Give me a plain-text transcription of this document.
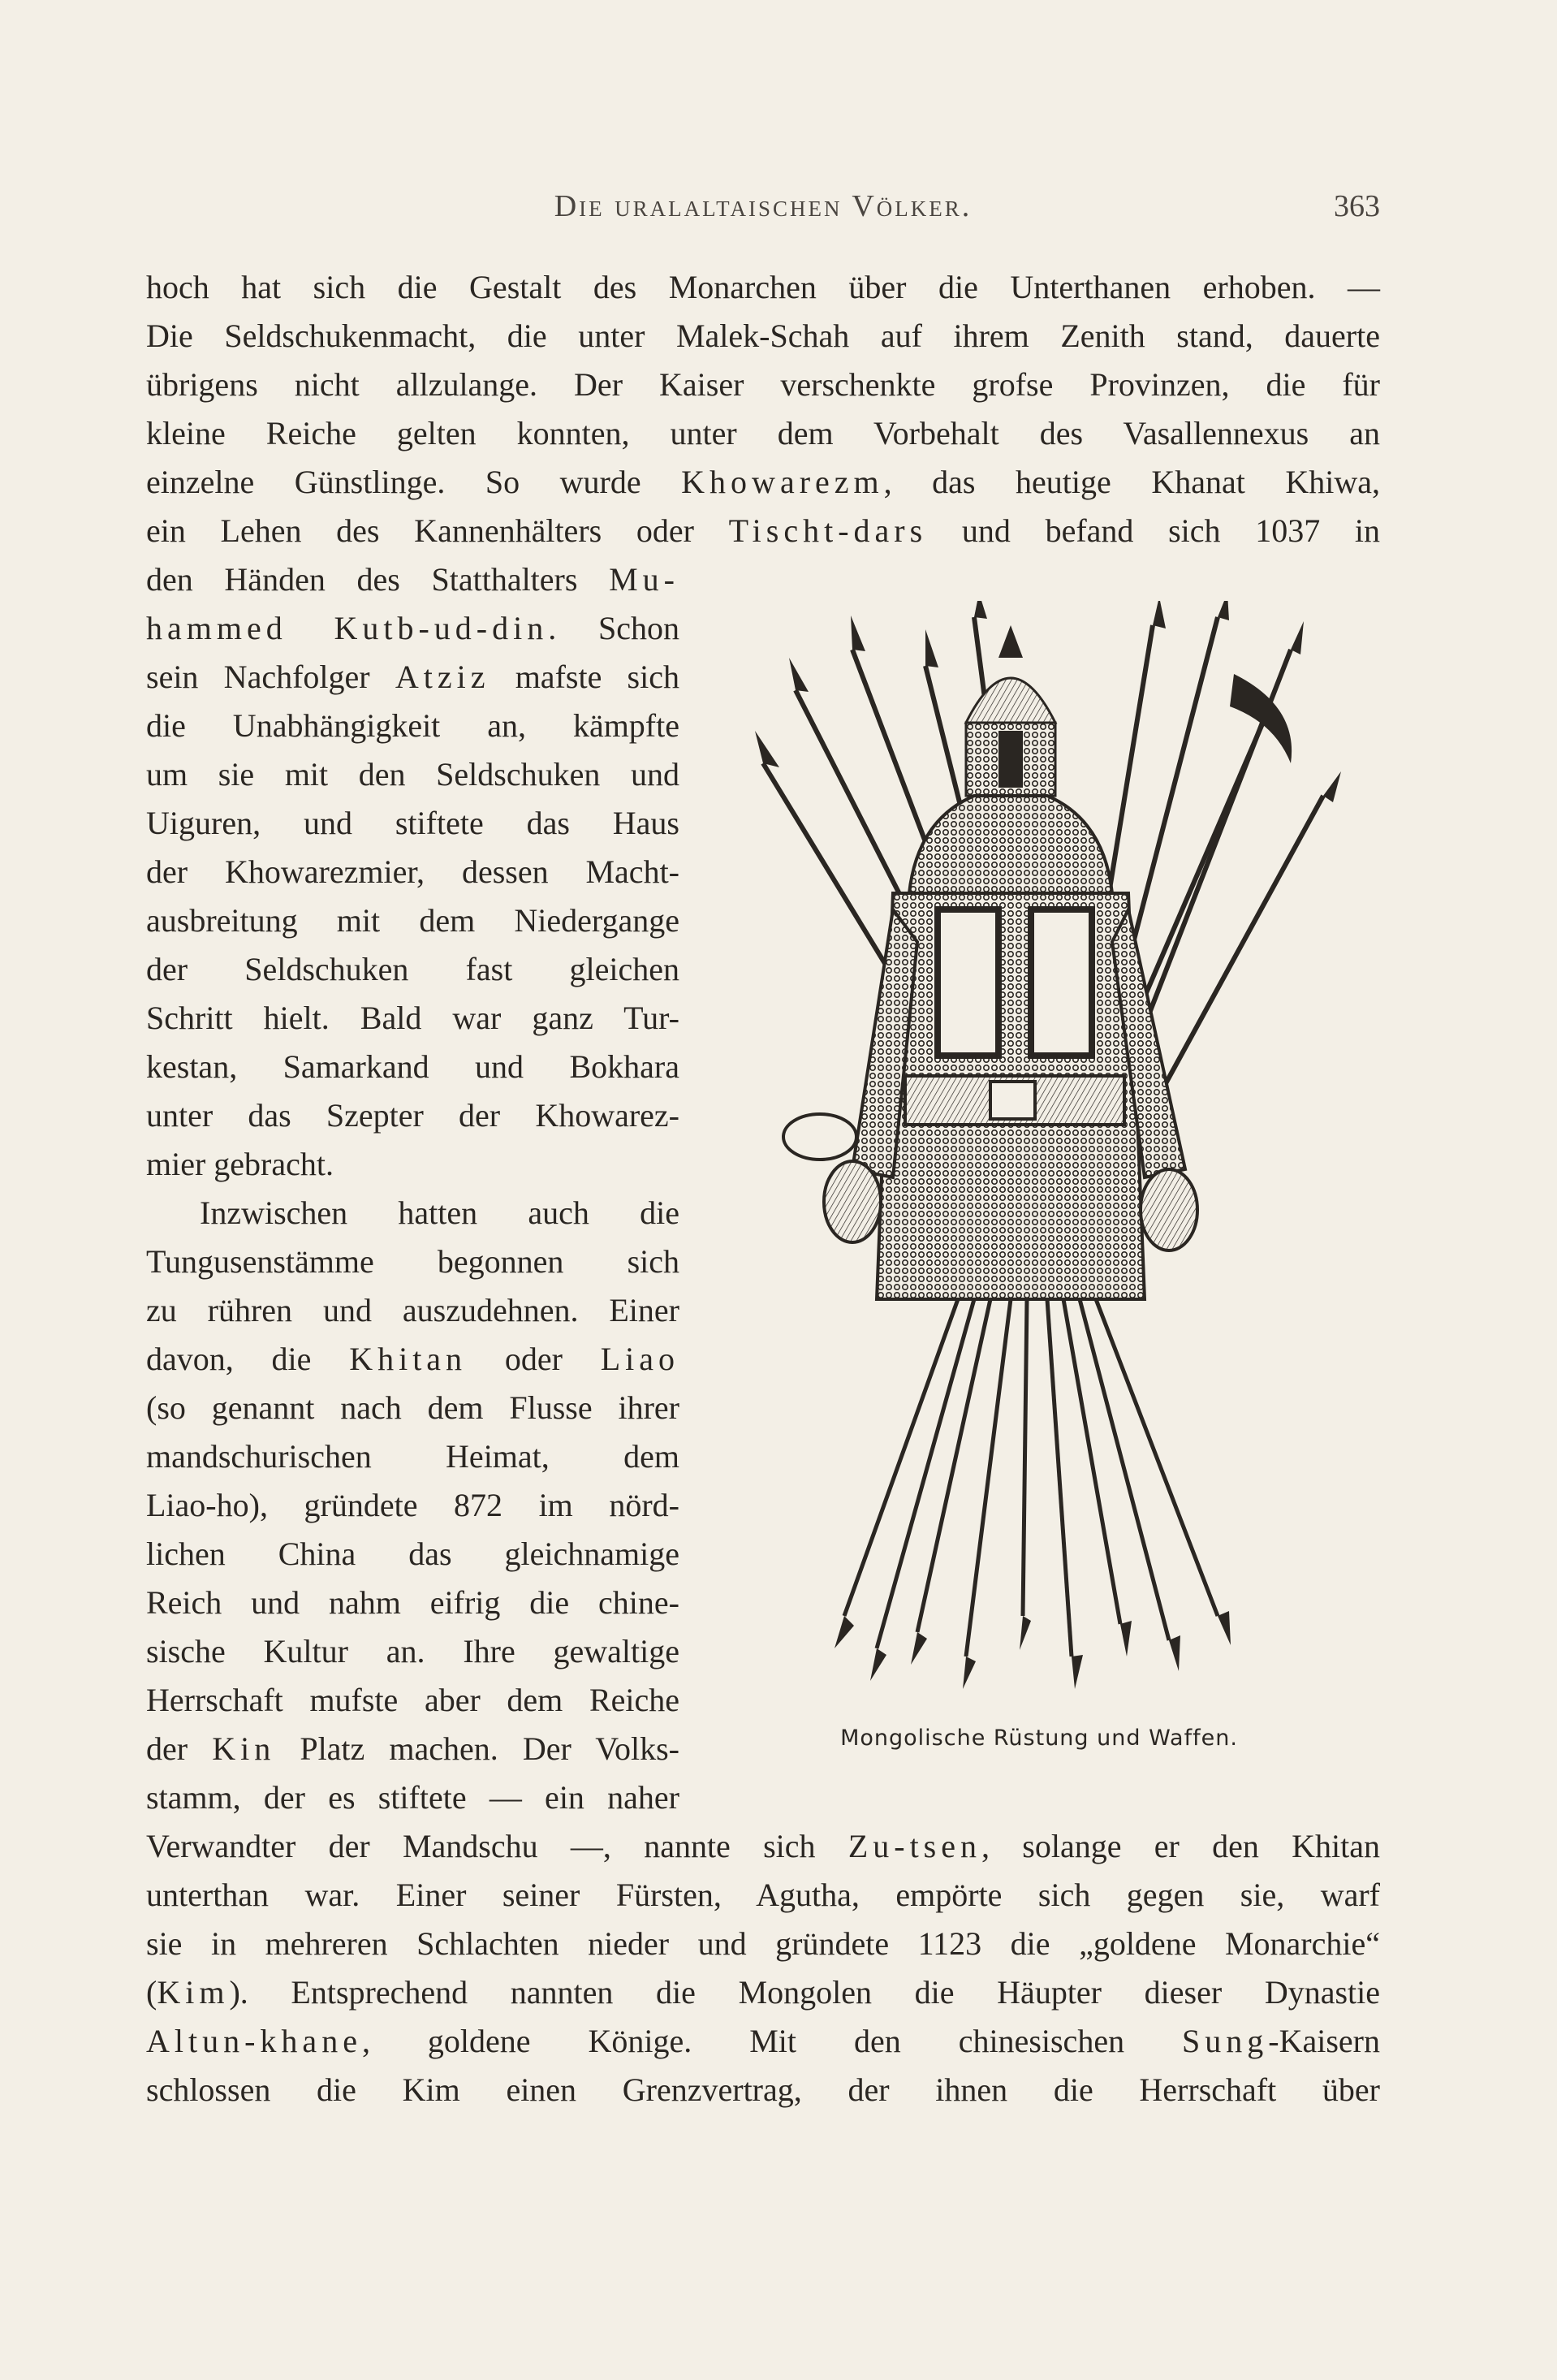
Die uralaltaischen Völker.	363
hoch hat sich die Gestalt des Monarchen über die Unterthanen erhoben. —
Die Seldschukenmacht, die unter Malek-Schah auf ihrem Zenith stand, dauerte
übrigens nicht allzulange. Der Kaiser verschenkte grofse Provinzen, die für
kleine Reiche gelten konnten, unter dem Vorbehalt des Vasallennexus an
einzelne Günstlinge. So wurde Khowarezm, das heutige Khanat Khiwa,
ein Lehen des Kannenhälters oder Tischt-dars und befand sich 1037 in
den Händen des Statthalters Mu-
hammed Kutb-ud-din. Schon
sein Nachfolger Atziz mafste sich
die Unabhängigkeit an, kämpfte
um sie mit den Seldschuken und
Uiguren, und stiftete das Haus
der Khowarezmier, dessen Macht-
ausbreitung mit dem Niedergange
der Seldschuken fast gleichen
Schritt hielt. Bald war ganz Tur-
kestan, Samarkand und Bokhara
unter das Szepter der Khowarez-
mier gebracht.
Inzwischen hatten auch die
Tungusenstämme begonnen sich
zu rühren und auszudehnen. Einer
davon, die Khitan oder Liao
(so genannt nach dem Flusse ihrer
mandschurischen Heimat, dem
Liao-ho), gründete 872 im nörd-
lichen China das gleichnamige
Reich und nahm eifrig die chine-
sische Kultur an. Ihre gewaltige
Herrschaft mufste aber dem Reiche
der Kin Platz machen. Der Volks-
stamm, der es stiftete — ein naher
Verwandter der Mandschu —, nannte sich Zu-tsen, solange er den Khitan
unterthan war. Einer seiner Fürsten, Agutha, empörte sich gegen sie, warf
sie in mehreren Schlachten nieder und gründete 1123 die „goldene Monarchie“
(Kim). Entsprechend nannten die Mongolen die Häupter dieser Dynastie
Altun-khane, goldene Könige. Mit den chinesischen Sung-Kaisern
schlossen die Kim einen Grenzvertrag, der ihnen die Herrschaft über
Mongolische Rüstung und Waffen.
